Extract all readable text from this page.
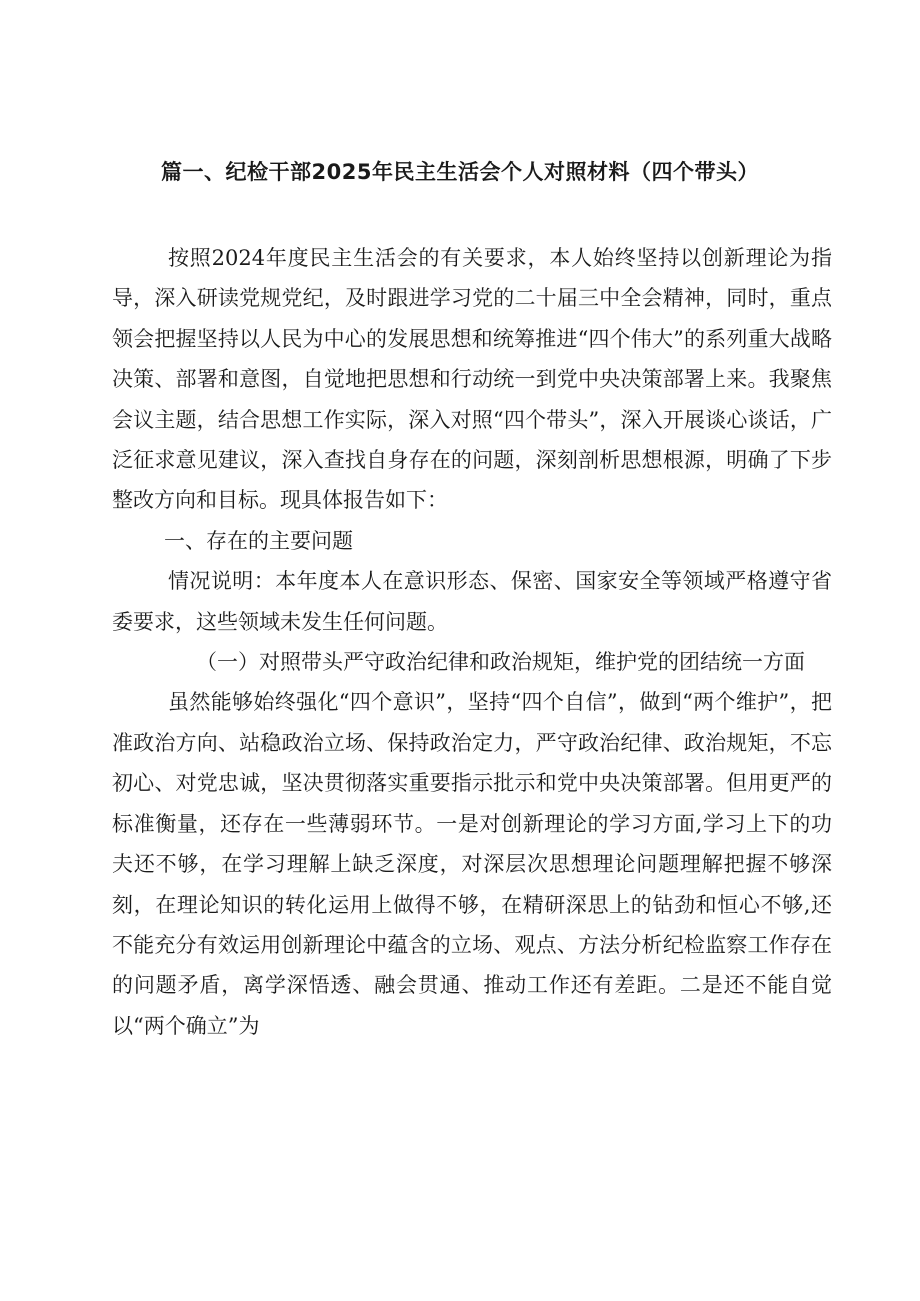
篇一、纪检干部2025年民主生活会个人对照材料（四个带头）

按照2024年度民主生活会的有关要求，本人始终坚持以创新理论为指导，深入研读党规党纪，及时跟进学习党的二十届三中全会精神，同时，重点领会把握坚持以人民为中心的发展思想和统筹推进“四个伟大”的系列重大战略决策、部署和意图，自觉地把思想和行动统一到党中央决策部署上来。我聚焦会议主题，结合思想工作实际，深入对照“四个带头”，深入开展谈心谈话，广泛征求意见建议，深入查找自身存在的问题，深刻剖析思想根源，明确了下步整改方向和目标。现具体报告如下：

一、存在的主要问题

情况说明：本年度本人在意识形态、保密、国家安全等领域严格遵守省委要求，这些领域未发生任何问题。

（一）对照带头严守政治纪律和政治规矩，维护党的团结统一方面

虽然能够始终强化“四个意识”，坚持“四个自信”，做到“两个维护”，把准政治方向、站稳政治立场、保持政治定力，严守政治纪律、政治规矩，不忘初心、对党忠诚，坚决贯彻落实重要指示批示和党中央决策部署。但用更严的标准衡量，还存在一些薄弱环节。一是对创新理论的学习方面,学习上下的功夫还不够，在学习理解上缺乏深度，对深层次思想理论问题理解把握不够深刻，在理论知识的转化运用上做得不够，在精研深思上的钻劲和恒心不够,还不能充分有效运用创新理论中蕴含的立场、观点、方法分析纪检监察工作存在的问题矛盾，离学深悟透、融会贯通、推动工作还有差距。二是还不能自觉以“两个确立”为
